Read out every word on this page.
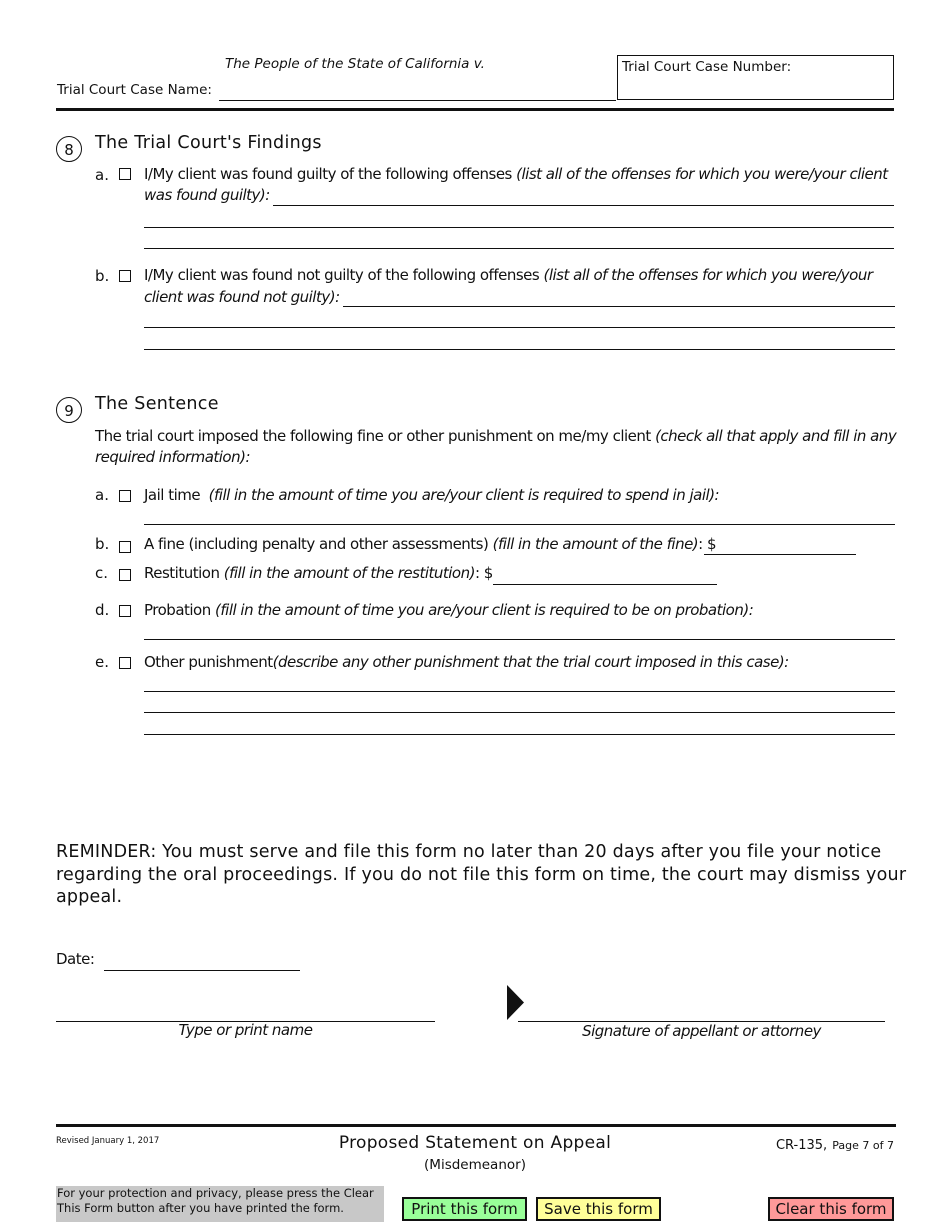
The People of the State of California v.
Trial Court Case Name:
Trial Court Case Number:
8	The Trial Court's Findings
a. I/My client was found guilty of the following offenses (list all of the offenses for which you were/your client
was found guilty):
b. I/My client was found not guilty of the following offenses (list all of the offenses for which you were/your
client was found not guilty):
9	The Sentence
The trial court imposed the following fine or other punishment on me/my client (check all that apply and fill in any
required information):
a. Jail time (fill in the amount of time you are/your client is required to spend in jail):
b. A fine (including penalty and other assessments) (fill in the amount of the fine): $
c. Restitution (fill in the amount of the restitution): $
d. Probation (fill in the amount of time you are/your client is required to be on probation):
e. Other punishment(describe any other punishment that the trial court imposed in this case):
REMINDER: You must serve and file this form no later than 20 days after you file your notice
regarding the oral proceedings. If you do not file this form on time, the court may dismiss your
appeal.
Date:
Type or print name	Signature of appellant or attorney
Revised January 1, 2017	Proposed Statement on Appeal
(Misdemeanor)
CR-135, Page 7 of 7
For your protection and privacy, please press the Clear
This Form button after you have printed the form.	Print this form	Save this form	Clear this form
